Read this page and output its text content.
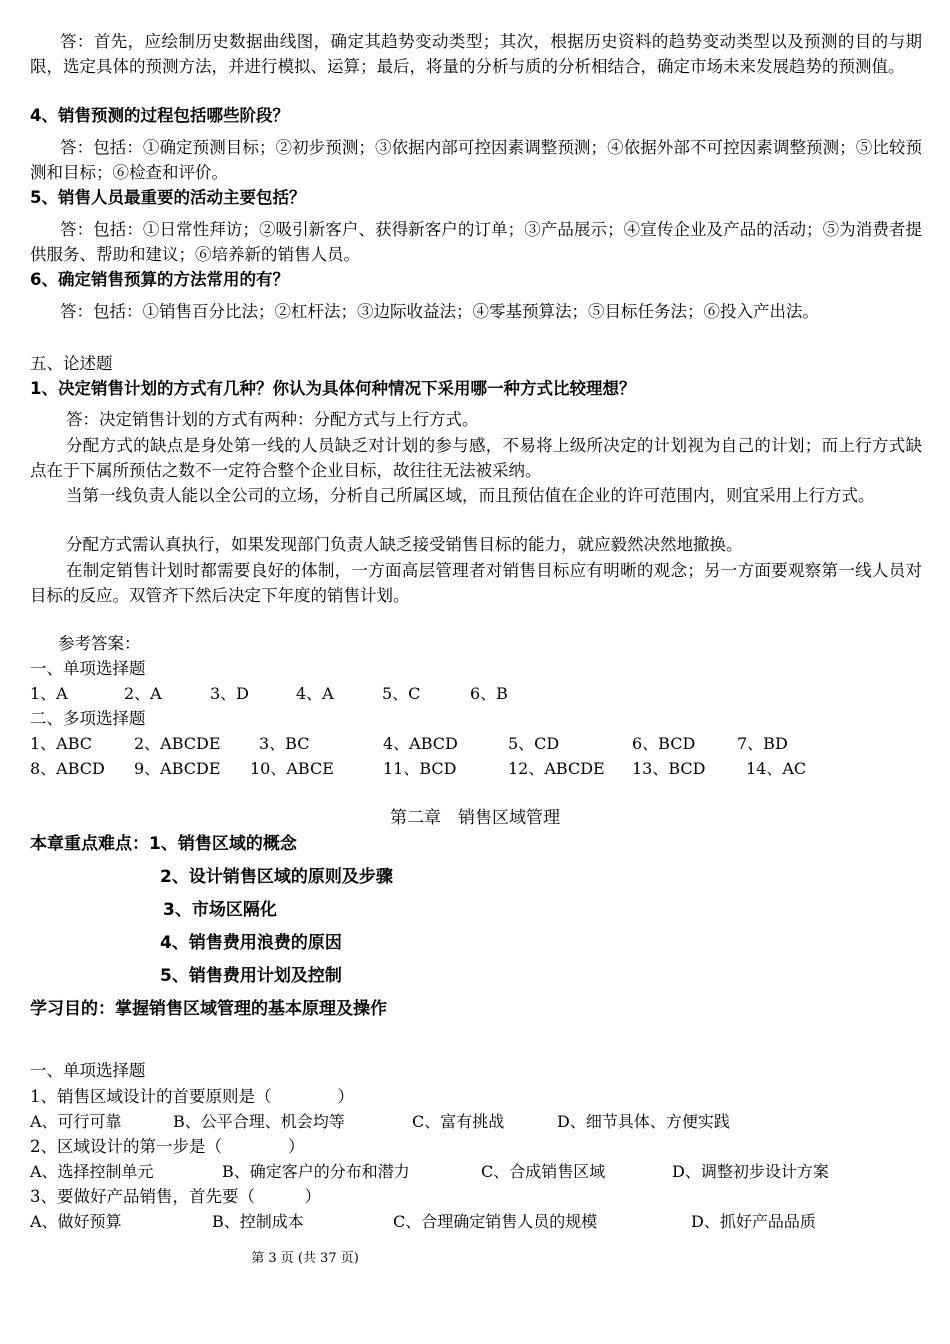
答：首先，应绘制历史数据曲线图，确定其趋势变动类型；其次，根据历史资料的趋势变动类型以及预测的目的与期限，选定具体的预测方法，并进行模拟、运算；最后，将量的分析与质的分析相结合，确定市场未来发展趋势的预测值。
4、销售预测的过程包括哪些阶段？
答：包括：①确定预测目标；②初步预测；③依据内部可控因素调整预测；④依据外部不可控因素调整预测；⑤比较预测和目标；⑥检查和评价。
5、销售人员最重要的活动主要包括？
答：包括：①日常性拜访；②吸引新客户、获得新客户的订单；③产品展示；④宣传企业及产品的活动；⑤为消费者提供服务、帮助和建议；⑥培养新的销售人员。
6、确定销售预算的方法常用的有？
答：包括：①销售百分比法；②杠杆法；③边际收益法；④零基预算法；⑤目标任务法；⑥投入产出法。
五、论述题
1、决定销售计划的方式有几种？你认为具体何种情况下采用哪一种方式比较理想？
答：决定销售计划的方式有两种：分配方式与上行方式。
分配方式的缺点是身处第一线的人员缺乏对计划的参与感，不易将上级所决定的计划视为自己的计划；而上行方式缺点在于下属所预估之数不一定符合整个企业目标，故往往无法被采纳。
当第一线负责人能以全公司的立场，分析自己所属区域，而且预估值在企业的许可范围内，则宜采用上行方式。
分配方式需认真执行，如果发现部门负责人缺乏接受销售目标的能力，就应毅然决然地撤换。
在制定销售计划时都需要良好的体制，一方面高层管理者对销售目标应有明晰的观念；另一方面要观察第一线人员对目标的反应。双管齐下然后决定下年度的销售计划。
参考答案：
一、单项选择题
1、A	2、A	3、D	4、A	5、C	6、B
二、多项选择题
1、ABC	2、ABCDE 3、BC	4、ABCD	5、CD	6、BCD	7、BD
8、ABCD 9、ABCDE 10、ABCE	11、BCD	12、ABCDE 13、BCD	14、AC
第二章　销售区域管理
本章重点难点：1、销售区域的概念
2、设计销售区域的原则及步骤
3、市场区隔化
4、销售费用浪费的原因
5、销售费用计划及控制
学习目的：掌握销售区域管理的基本原理及操作
一、单项选择题
1、销售区域设计的首要原则是（　　　　）
A、可行可靠	B、公平合理、机会均等	C、富有挑战	D、细节具体、方便实践
2、区域设计的第一步是（　　　　）
A、选择控制单元	B、确定客户的分布和潜力	C、合成销售区域	D、调整初步设计方案
3、要做好产品销售，首先要（　　　）
A、做好预算	B、控制成本	C、合理确定销售人员的规模	D、抓好产品品质
第 3 页 (共 37 页)
